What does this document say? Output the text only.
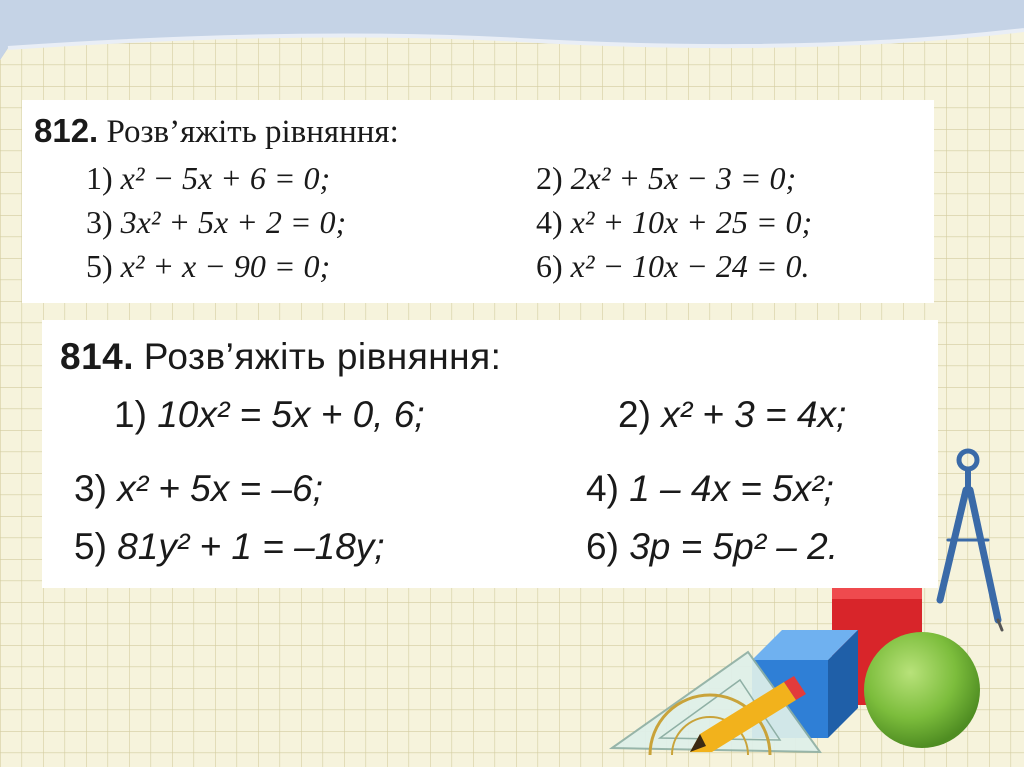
812. Розв’яжіть рівняння:
1) x² − 5x + 6 = 0;	2) 2x² + 5x − 3 = 0;
3) 3x² + 5x + 2 = 0;	4) x² + 10x + 25 = 0;
5) x² + x − 90 = 0;	6) x² − 10x − 24 = 0.
814. Розв’яжіть рівняння:
1) 10x² = 5x + 0, 6;	2) x² + 3 = 4x;
3) x² + 5x = –6;	4) 1 – 4x = 5x²;
5) 81y² + 1 = –18y;	6) 3p = 5p² – 2.
